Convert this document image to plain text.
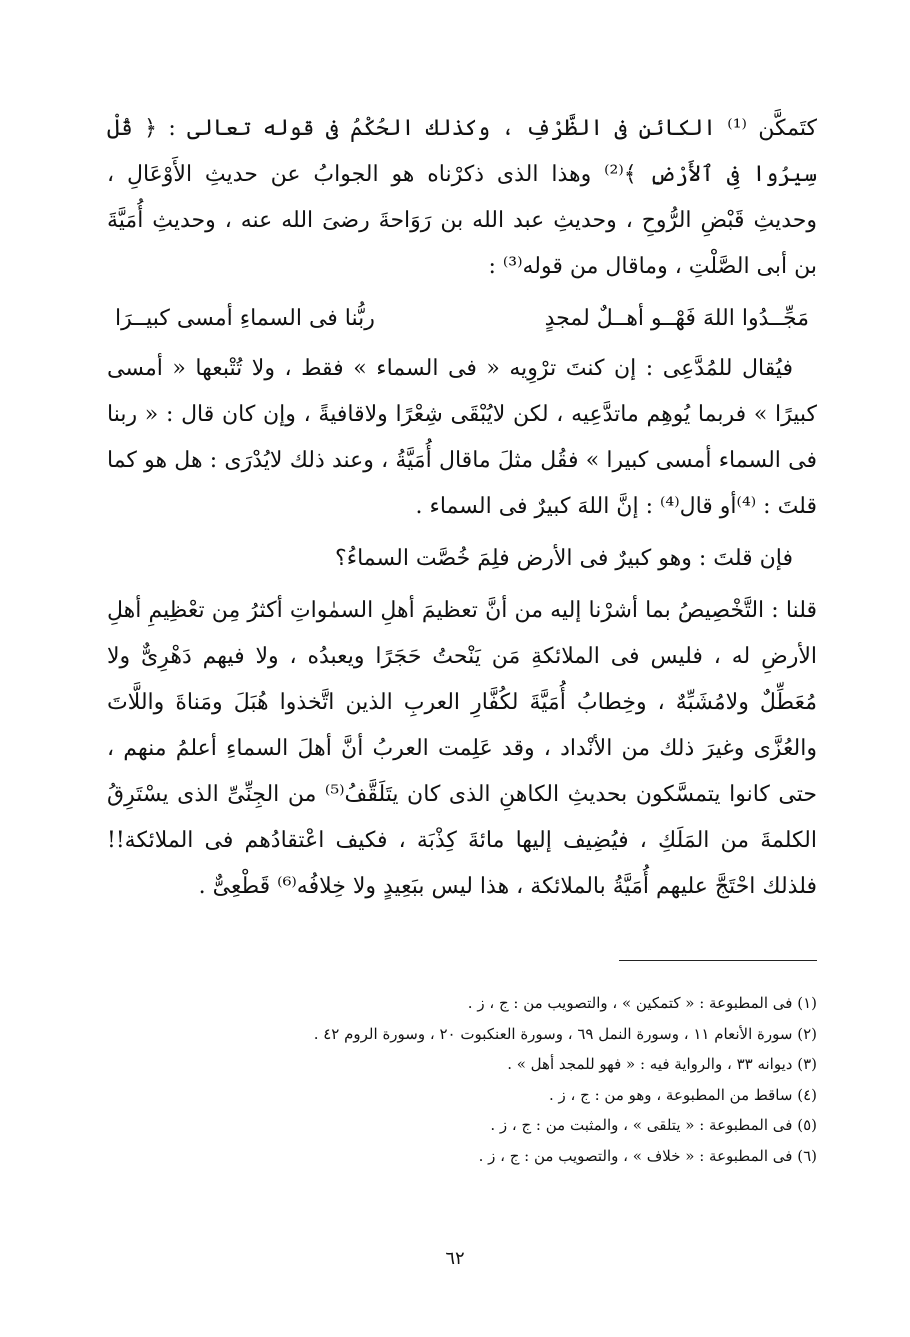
كتَمكَّن ⁽¹⁾ الكائنِ فى الظَّرْفِ ، وكذلك الحُكْمُ فى قوله تعالى : ﴿ قُلْ سِيرُوا فِى ٱلأَرْضِ ﴾⁽²⁾ وهذا الذى ذكرْناه هو الجوابُ عن حديثِ الأَوْعَالِ ، وحديثِ قَبْضِ الرُّوحِ ، وحديثِ عبد الله بن رَوَاحةَ رضىَ الله عنه ، وحديثِ أُمَيَّةَ بن أبى الصَّلْتِ ، وماقال من قوله⁽³⁾ :

مَجِّــدُوا اللهَ فَهْــو أهــلٌ لمجدٍ
ربُّنا فى السماءِ أمسى كبيــرَا

فيُقال للمُدَّعِى : إن كنتَ ترْوِيه « فى السماء » فقط ، ولا تُتْبعها « أمسى كبيرًا » فربما يُوهِم ماتدَّعِيه ، لكن لايُبْقَى شِعْرًا ولاقافيةً ، وإن كان قال : « ربنا فى السماء أمسى كبيرا » فقُل مثلَ ماقال أُمَيَّةُ ، وعند ذلك لايُدْرَى : هل هو كما قلتَ : ⁽⁴⁾أو قال⁽⁴⁾ : إنَّ اللهَ كبيرٌ فى السماء .

فإن قلتَ : وهو كبيرٌ فى الأرض فلِمَ خُصَّت السماءُ؟

قلنا : التَّخْصِيصُ بما أشرْنا إليه من أنَّ تعظيمَ أهلِ السمٰواتِ أكثرُ مِن تعْظِيمِ أهلِ الأرضِ له ، فليس فى الملائكةِ مَن يَنْحتُ حَجَرًا ويعبدُه ، ولا فيهم دَهْرِىٌّ ولا مُعَطِّلٌ ولامُشَبِّهٌ ، وخِطابُ أُمَيَّةَ لكُفَّارِ العربِ الذين اتَّخذوا هُبَلَ ومَناةَ واللَّاتَ والعُزَّى وغيرَ ذلك من الأنْداد ، وقد عَلِمت العربُ أنَّ أهلَ السماءِ أعلمُ منهم ، حتى كانوا يتمسَّكون بحديثِ الكاهنِ الذى كان يتَلَقَّفُ⁽⁵⁾ من الجِنِّىِّ الذى يسْتَرِقُ الكلمةَ من المَلَكِ ، فيُضِيف إليها مائةَ كِذْبَة ، فكيف اعْتقادُهم فى الملائكة!! فلذلك احْتَجَّ عليهم أُمَيَّةُ بالملائكة ، هذا ليس ببَعِيدٍ ولا خِلافُه⁽⁶⁾ قَطْعِىٌّ .

(١) فى المطبوعة : « كتمكين » ، والتصويب من : ج ، ز .
(٢) سورة الأنعام ١١ ، وسورة النمل ٦٩ ، وسورة العنكبوت ٢٠ ، وسورة الروم ٤٢ .
(٣) ديوانه ٣٣ ، والرواية فيه : « فهو للمجد أهل » .
(٤) ساقط من المطبوعة ، وهو من : ج ، ز .
(٥) فى المطبوعة : « يتلقى » ، والمثبت من : ج ، ز .
(٦) فى المطبوعة : « خلاف » ، والتصويب من : ج ، ز .
٦٢
